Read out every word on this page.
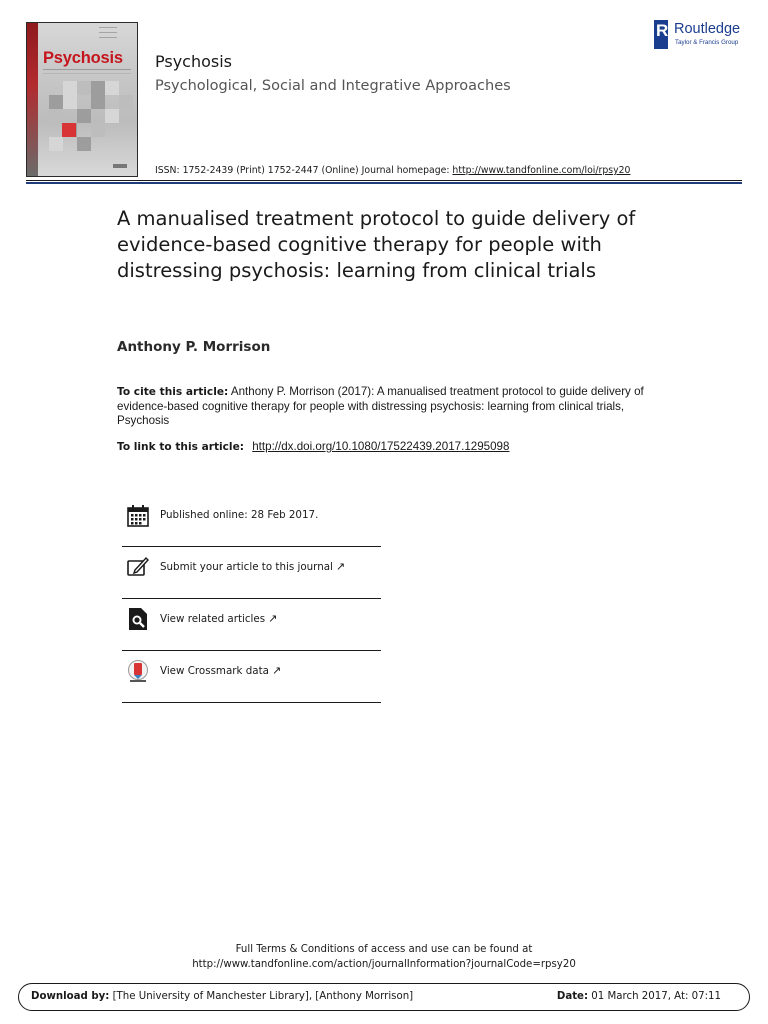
Psychosis Psychosis
Psychological, Social and Integrative Approaches
ISSN: 1752-2439 (Print) 1752-2447 (Online) Journal homepage: http://www.tandfonline.com/loi/rpsy20
R Routledge
Taylor & Francis Group
A manualised treatment protocol to guide delivery of evidence-based cognitive therapy for people with distressing psychosis: learning from clinical trials
Anthony P. Morrison
To cite this article: Anthony P. Morrison (2017): A manualised treatment protocol to guide delivery of evidence-based cognitive therapy for people with distressing psychosis: learning from clinical trials, Psychosis
To link to this article: http://dx.doi.org/10.1080/17522439.2017.1295098
Published online: 28 Feb 2017.
Submit your article to this journal ↗
View related articles ↗
View Crossmark data ↗
Full Terms & Conditions of access and use can be found at
http://www.tandfonline.com/action/journalInformation?journalCode=rpsy20
Download by: [The University of Manchester Library], [Anthony Morrison]	Date: 01 March 2017, At: 07:11
